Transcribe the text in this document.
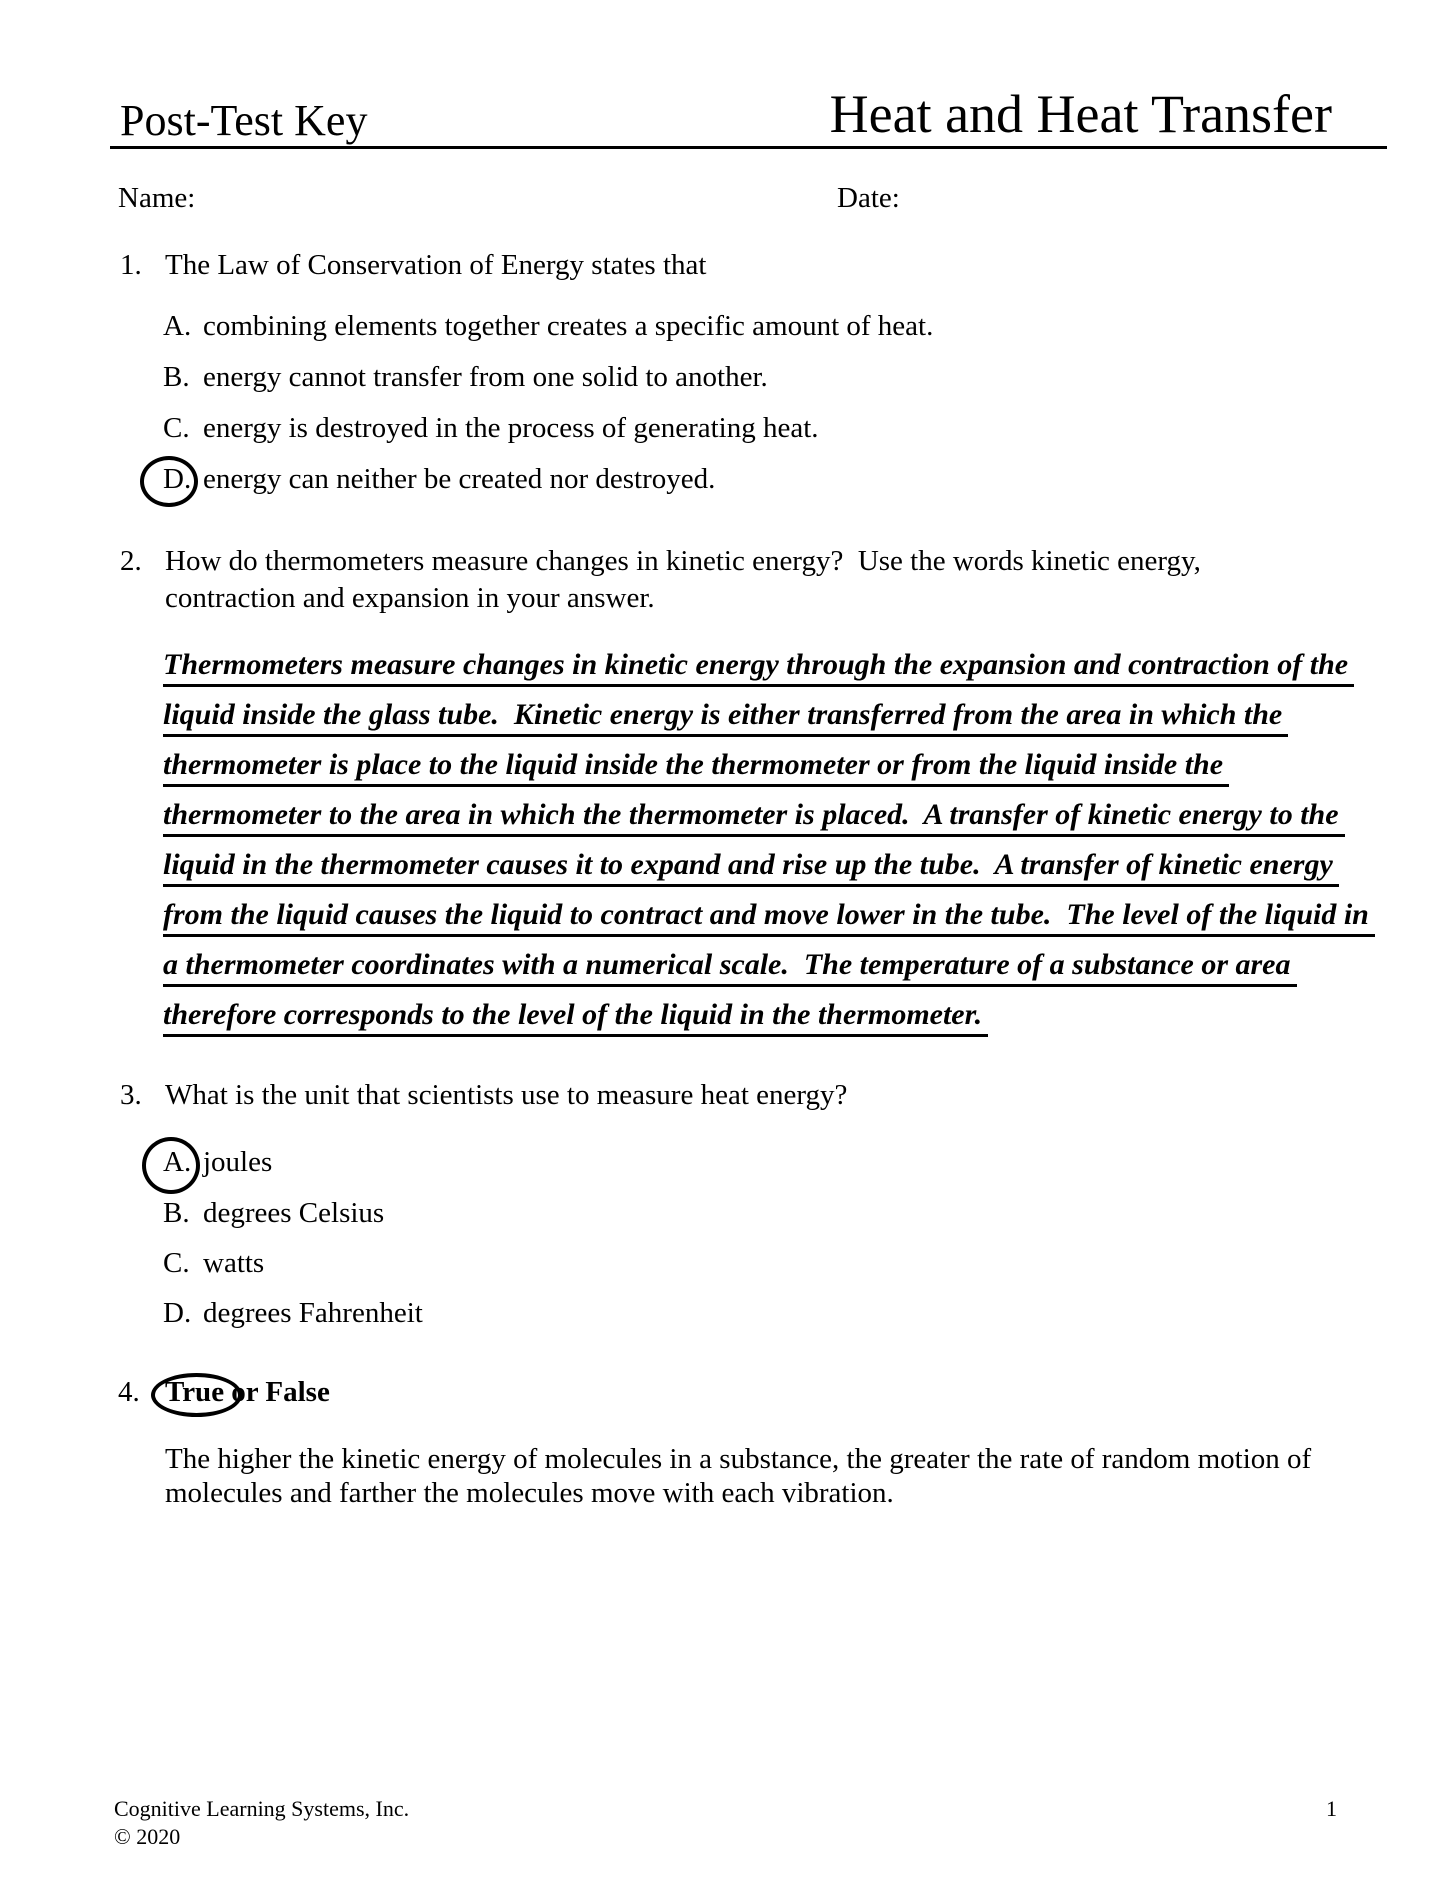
Post-Test Key	Heat and Heat Transfer
Name:	Date:
1. The Law of Conservation of Energy states that
A. combining elements together creates a specific amount of heat.
B. energy cannot transfer from one solid to another.
C. energy is destroyed in the process of generating heat.
D. energy can neither be created nor destroyed.
2. How do thermometers measure changes in kinetic energy?  Use the words kinetic energy,
contraction and expansion in your answer.
Thermometers measure changes in kinetic energy through the expansion and contraction of the
liquid inside the glass tube.  Kinetic energy is either transferred from the area in which the
thermometer is place to the liquid inside the thermometer or from the liquid inside the
thermometer to the area in which the thermometer is placed.  A transfer of kinetic energy to the
liquid in the thermometer causes it to expand and rise up the tube.  A transfer of kinetic energy
from the liquid causes the liquid to contract and move lower in the tube.  The level of the liquid in
a thermometer coordinates with a numerical scale.  The temperature of a substance or area
therefore corresponds to the level of the liquid in the thermometer.
3. What is the unit that scientists use to measure heat energy?
A. joules
B. degrees Celsius
C. watts
D. degrees Fahrenheit
4. True or False
The higher the kinetic energy of molecules in a substance, the greater the rate of random motion of
molecules and farther the molecules move with each vibration.
Cognitive Learning Systems, Inc.
© 2020
1
